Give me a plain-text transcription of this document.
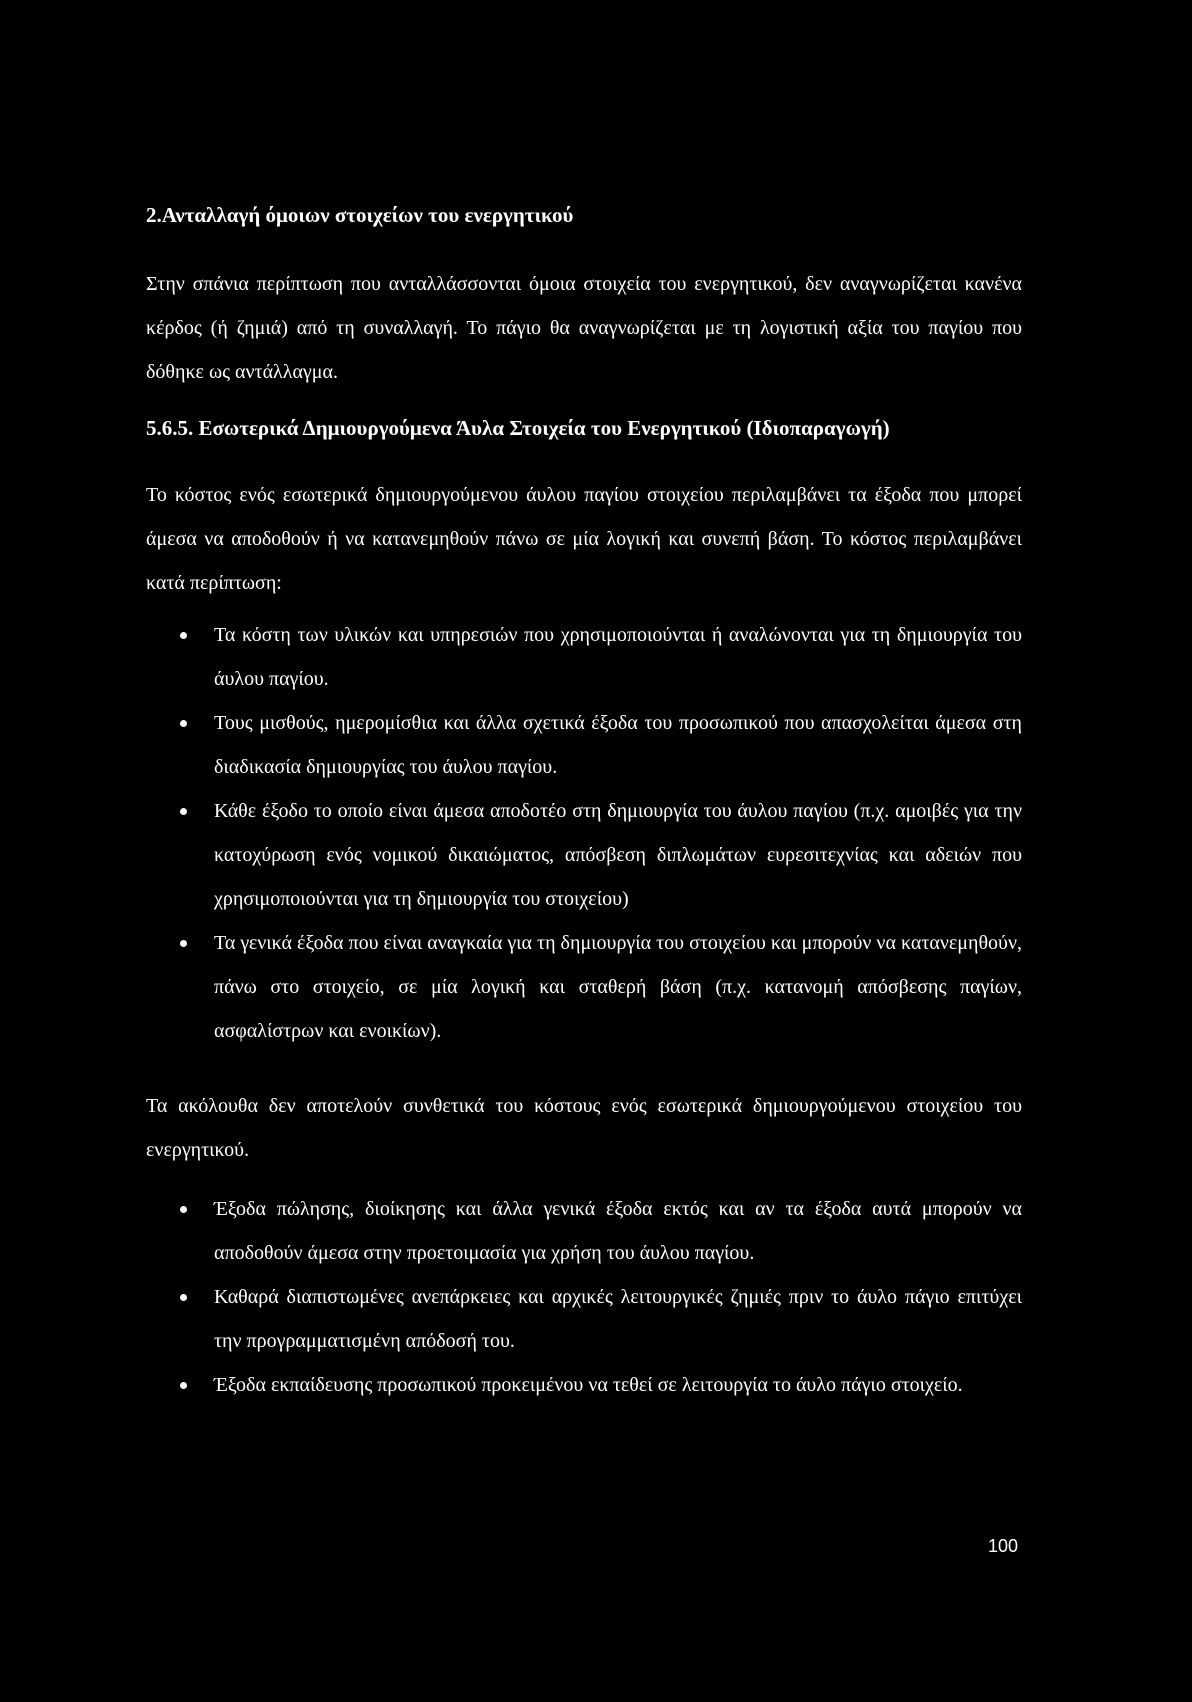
2.Ανταλλαγή όμοιων στοιχείων του ενεργητικού
Στην σπάνια περίπτωση που ανταλλάσσονται όμοια στοιχεία του ενεργητικού, δεν αναγνωρίζεται κανένα κέρδος (ή ζημιά) από τη συναλλαγή. Το πάγιο θα αναγνωρίζεται με τη λογιστική αξία του παγίου που δόθηκε ως αντάλλαγμα.
5.6.5. Εσωτερικά Δημιουργούμενα Άυλα Στοιχεία του Ενεργητικού (Ιδιοπαραγωγή)
Το κόστος ενός εσωτερικά δημιουργούμενου άυλου παγίου στοιχείου περιλαμβάνει τα έξοδα που μπορεί άμεσα να αποδοθούν ή να κατανεμηθούν πάνω σε μία λογική και συνεπή βάση. Το κόστος περιλαμβάνει κατά περίπτωση:
Τα κόστη των υλικών και υπηρεσιών που χρησιμοποιούνται ή αναλώνονται για τη δημιουργία του άυλου παγίου.
Τους μισθούς, ημερομίσθια και άλλα σχετικά έξοδα του προσωπικού που απασχολείται άμεσα στη διαδικασία δημιουργίας του άυλου παγίου.
Κάθε έξοδο το οποίο είναι άμεσα αποδοτέο στη δημιουργία του άυλου παγίου (π.χ. αμοιβές για την κατοχύρωση ενός νομικού δικαιώματος, απόσβεση διπλωμάτων ευρεσιτεχνίας και αδειών που χρησιμοποιούνται για τη δημιουργία του στοιχείου)
Τα γενικά έξοδα που είναι αναγκαία για τη δημιουργία του στοιχείου και μπορούν να κατανεμηθούν, πάνω στο στοιχείο, σε μία λογική και σταθερή βάση (π.χ. κατανομή απόσβεσης παγίων, ασφαλίστρων και ενοικίων).
Τα ακόλουθα δεν αποτελούν συνθετικά του κόστους ενός εσωτερικά δημιουργούμενου στοιχείου του ενεργητικού.
Έξοδα πώλησης, διοίκησης και άλλα γενικά έξοδα εκτός και αν τα έξοδα αυτά μπορούν να αποδοθούν άμεσα στην προετοιμασία για χρήση του άυλου παγίου.
Καθαρά διαπιστωμένες ανεπάρκειες και αρχικές λειτουργικές ζημιές πριν το άυλο πάγιο επιτύχει την προγραμματισμένη απόδοσή του.
Έξοδα εκπαίδευσης προσωπικού προκειμένου να τεθεί σε λειτουργία το άυλο πάγιο στοιχείο.
100
